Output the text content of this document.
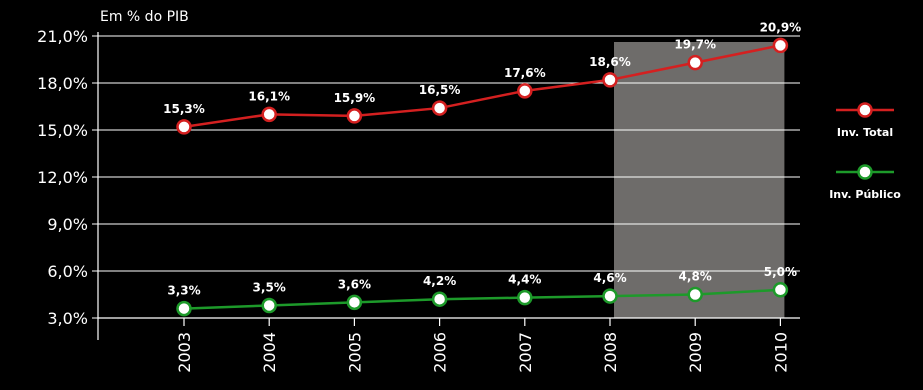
Em % do PIB
3,0%
6,0%
9,0%
12,0%
15,0%
18,0%
21,0%
2003	2004	2005	2006	2007	2008	2009	2010
15,3%
16,1%	15,9%
16,5%
17,6%
18,6%
19,7%
20,9%
3,3%	3,5%	3,6%	4,2%	4,4%	4,6%	4,8%	5,0%
Inv. Total
Inv. Público
